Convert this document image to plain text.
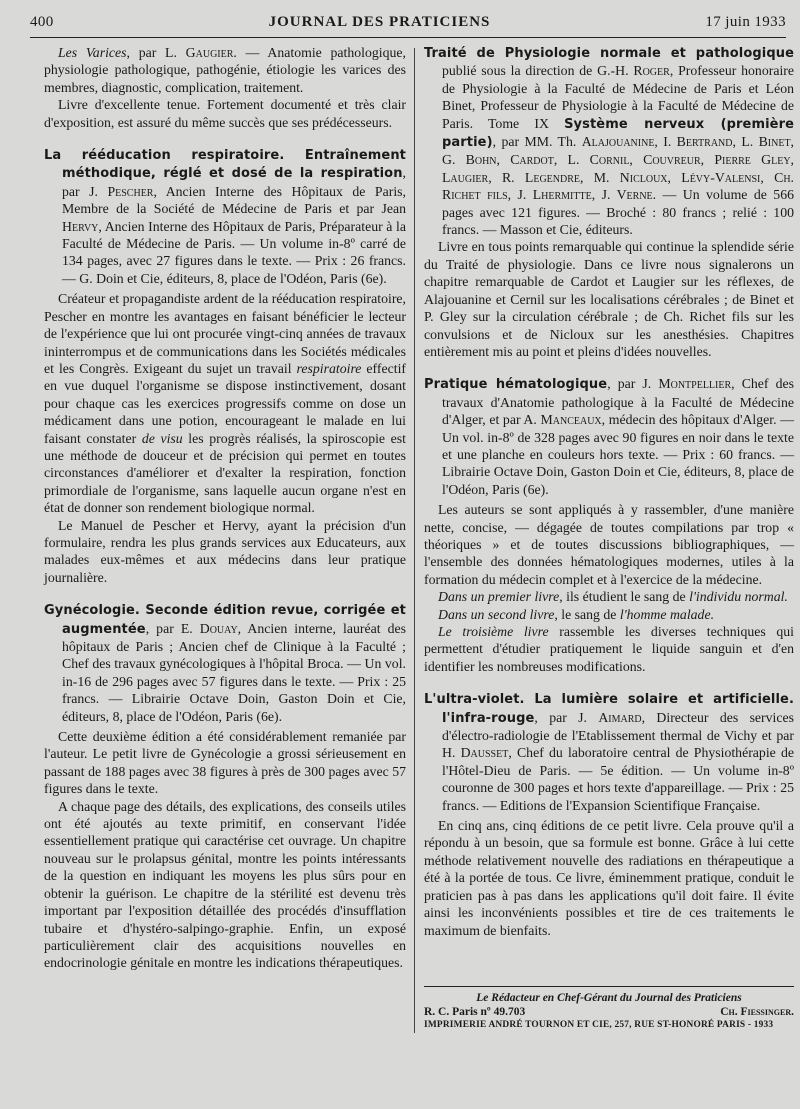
400	JOURNAL DES PRATICIENS	17 juin 1933

Les Varices, par L. Gaugier. — Anatomie pathologique, physiologie pathologique, pathogénie, étiologie les varices des membres, diagnostic, complication, traitement.

Livre d'excellente tenue. Fortement documenté et très clair d'exposition, est assuré du même succès que ses prédécesseurs.

La rééducation respiratoire. Entraînement méthodique, réglé et dosé de la respiration, par J. Pescher, Ancien Interne des Hôpitaux de Paris, Membre de la Société de Médecine de Paris et par Jean Hervy, Ancien Interne des Hôpitaux de Paris, Préparateur à la Faculté de Médecine de Paris. — Un volume in-8º carré de 134 pages, avec 27 figures dans le texte. — Prix : 26 francs. — G. Doin et Cie, éditeurs, 8, place de l'Odéon, Paris (6e).

Créateur et propagandiste ardent de la rééducation respiratoire, Pescher en montre les avantages en faisant bénéficier le lecteur de l'expérience que lui ont procurée vingt-cinq années de travaux ininterrompus et de communications dans les Sociétés médicales et les Congrès. Exigeant du sujet un travail respiratoire effectif en vue duquel l'organisme se dispose instinctivement, dosant pour chaque cas les exercices progressifs comme on dose un médicament dans une potion, encourageant le malade en lui faisant constater de visu les progrès réalisés, la spiroscopie est une méthode de douceur et de précision qui permet en toutes circonstances d'améliorer et d'exalter la respiration, fonction primordiale de l'organisme, sans laquelle aucun organe n'est en état de donner son rendement biologique normal.

Le Manuel de Pescher et Hervy, ayant la précision d'un formulaire, rendra les plus grands services aux Educateurs, aux malades eux-mêmes et aux médecins dans leur pratique journalière.

Gynécologie. Seconde édition revue, corrigée et augmentée, par E. Douay, Ancien interne, lauréat des hôpitaux de Paris ; Ancien chef de Clinique à la Faculté ; Chef des travaux gynécologiques à l'hôpital Broca. — Un vol. in-16 de 296 pages avec 57 figures dans le texte. — Prix : 25 francs. — Librairie Octave Doin, Gaston Doin et Cie, éditeurs, 8, place de l'Odéon, Paris (6e).

Cette deuxième édition a été considérablement remaniée par l'auteur. Le petit livre de Gynécologie a grossi sérieusement en passant de 188 pages avec 38 figures à près de 300 pages avec 57 figures dans le texte.

A chaque page des détails, des explications, des conseils utiles ont été ajoutés au texte primitif, en conservant l'idée essentiellement pratique qui caractérise cet ouvrage. Un chapitre nouveau sur le prolapsus génital, montre les points intéressants de la question en indiquant les moyens les plus sûrs pour en obtenir la guérison. Le chapitre de la stérilité est devenu très important par l'exposition détaillée des procédés d'insufflation tubaire et d'hystéro-salpingo-graphie. Enfin, un exposé particulièrement clair des acquisitions nouvelles en endocrinologie génitale en montre les indications thérapeutiques.

Traité de Physiologie normale et pathologique publié sous la direction de G.-H. Roger, Professeur honoraire de Physiologie à la Faculté de Médecine de Paris et Léon Binet, Professeur de Physiologie à la Faculté de Médecine de Paris. Tome IX Système nerveux (première partie), par MM. Th. Alajouanine, I. Bertrand, L. Binet, G. Bohn, Cardot, L. Cornil, Couvreur, Pierre Gley, Laugier, R. Legendre, M. Nicloux, Lévy-Valensi, Ch. Richet fils, J. Lhermitte, J. Verne. — Un volume de 566 pages avec 121 figures. — Broché : 80 francs ; relié : 100 francs. — Masson et Cie, éditeurs.

Livre en tous points remarquable qui continue la splendide série du Traité de physiologie. Dans ce livre nous signalerons un chapitre remarquable de Cardot et Laugier sur les réflexes, de Alajouanine et Cernil sur les localisations cérébrales ; de Binet et P. Gley sur la circulation cérébrale ; de Ch. Richet fils sur les convulsions et de Nicloux sur les anesthésies. Chapitres entièrement mis au point et pleins d'idées nouvelles.

Pratique hématologique, par J. Montpellier, Chef des travaux d'Anatomie pathologique à la Faculté de Médecine d'Alger, et par A. Manceaux, médecin des hôpitaux d'Alger. — Un vol. in-8º de 328 pages avec 90 figures en noir dans le texte et une planche en couleurs hors texte. — Prix : 60 francs. — Librairie Octave Doin, Gaston Doin et Cie, éditeurs, 8, place de l'Odéon, Paris (6e).

Les auteurs se sont appliqués à y rassembler, d'une manière nette, concise, — dégagée de toutes compilations par trop « théoriques » et de toutes discussions bibliographiques, — l'ensemble des données hématologiques modernes, utiles à la formation du médecin complet et à l'exercice de la médecine.

Dans un premier livre, ils étudient le sang de l'individu normal.

Dans un second livre, le sang de l'homme malade.

Le troisième livre rassemble les diverses techniques qui permettent d'étudier pratiquement le liquide sanguin et d'en identifier les nombreuses modifications.

L'ultra-violet. La lumière solaire et artificielle. l'infra-rouge, par J. Aimard, Directeur des services d'électro-radiologie de l'Etablissement thermal de Vichy et par H. Dausset, Chef du laboratoire central de Physiothérapie de l'Hôtel-Dieu de Paris. — 5e édition. — Un volume in-8º couronne de 300 pages et hors texte d'appareillage. — Prix : 25 francs. — Editions de l'Expansion Scientifique Française.

En cinq ans, cinq éditions de ce petit livre. Cela prouve qu'il a répondu à un besoin, que sa formule est bonne. Grâce à lui cette méthode relativement nouvelle des radiations en thérapeutique a été à la portée de tous. Ce livre, éminemment pratique, conduit le praticien pas à pas dans les applications qu'il doit faire. Il évite ainsi les inconvénients possibles et tire de ces traitements le maximum de bienfaits.

Le Rédacteur en Chef-Gérant du Journal des Praticiens
R. C. Paris nº 49.703	Ch. Fiessinger.
IMPRIMERIE ANDRÉ TOURNON ET CIE, 257, RUE ST-HONORÉ PARIS - 1933
